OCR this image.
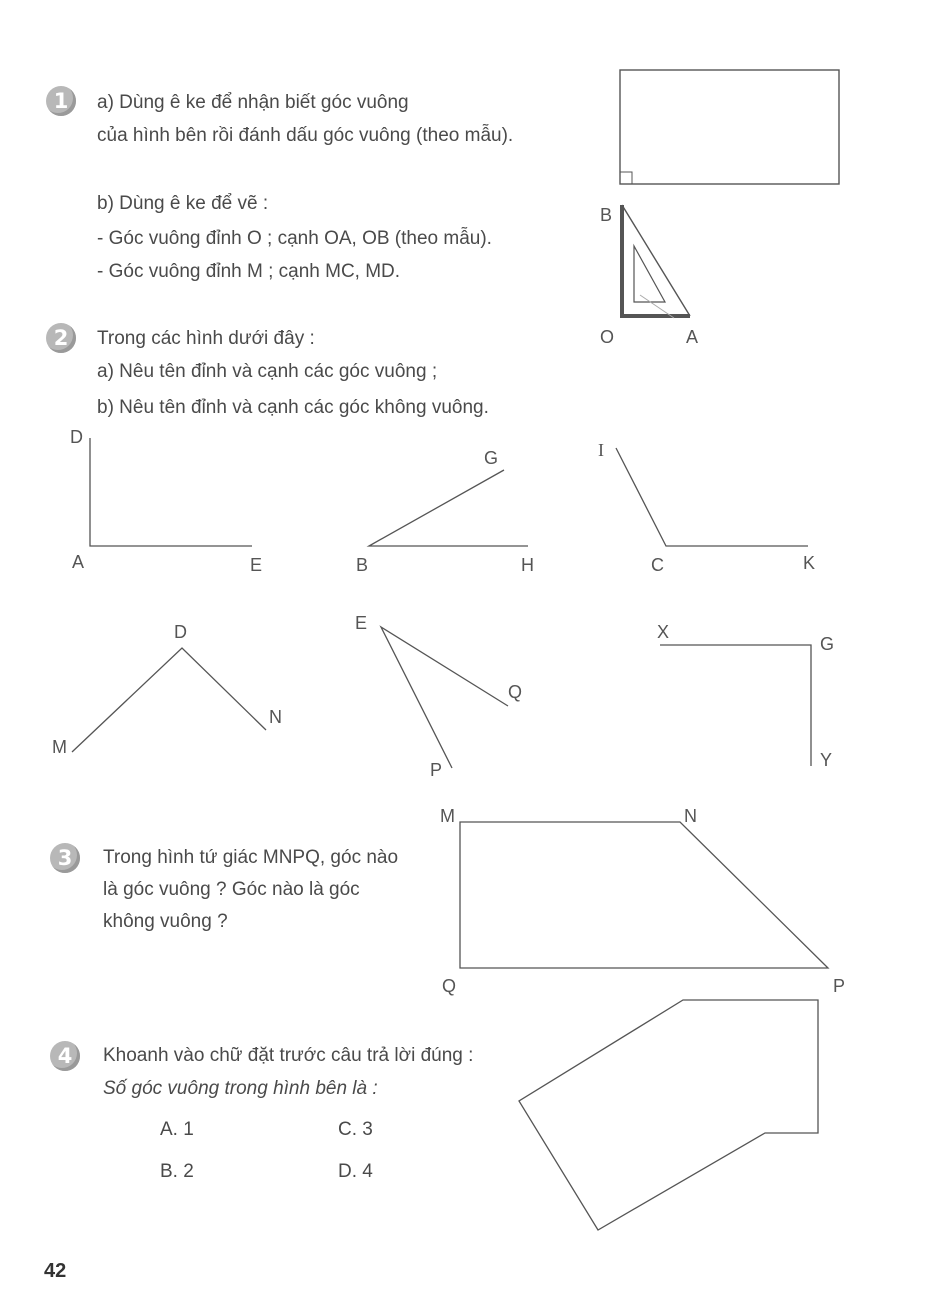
1	a) Dùng ê ke để nhận biết góc vuông
của hình bên rồi đánh dấu góc vuông (theo mẫu).
b) Dùng ê ke để vẽ :
- Góc vuông đỉnh O ; cạnh OA, OB (theo mẫu).
- Góc vuông đỉnh M ; cạnh MC, MD.
B
O	A
2	Trong các hình dưới đây :
a) Nêu tên đỉnh và cạnh các góc vuông ;
b) Nêu tên đỉnh và cạnh các góc không vuông.
D
A	E
G
B	H
I
C	K
D
M
N
E
Q
P
X
G
Y
3	Trong hình tứ giác MNPQ, góc nào
là góc vuông ? Góc nào là góc
không vuông ?
M	N
Q	P
4	Khoanh vào chữ đặt trước câu trả lời đúng :
Số góc vuông trong hình bên là :
A. 1	C. 3
B. 2	D. 4
42
